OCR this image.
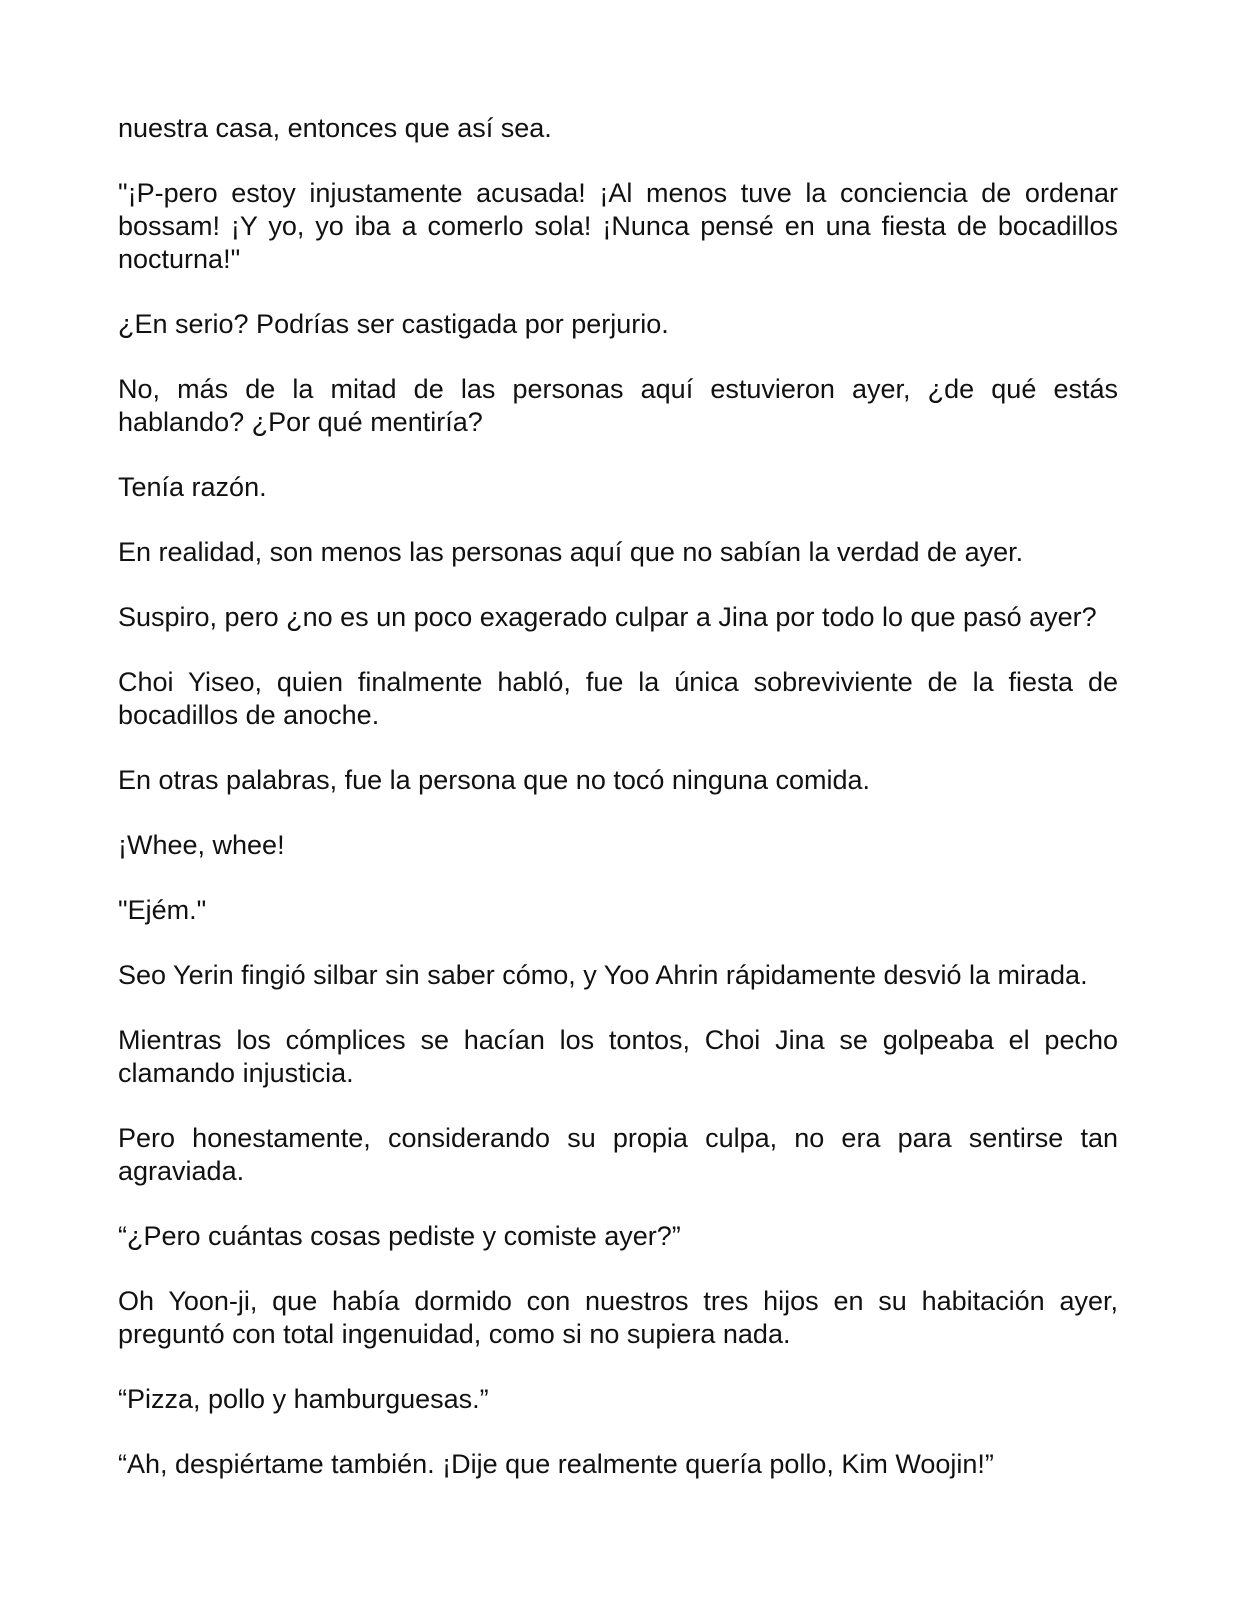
nuestra casa, entonces que así sea.

"¡P-pero estoy injustamente acusada! ¡Al menos tuve la conciencia de ordenar bossam! ¡Y yo, yo iba a comerlo sola! ¡Nunca pensé en una fiesta de bocadillos nocturna!"

¿En serio? Podrías ser castigada por perjurio.

No, más de la mitad de las personas aquí estuvieron ayer, ¿de qué estás hablando? ¿Por qué mentiría?

Tenía razón.

En realidad, son menos las personas aquí que no sabían la verdad de ayer.

Suspiro, pero ¿no es un poco exagerado culpar a Jina por todo lo que pasó ayer?

Choi Yiseo, quien finalmente habló, fue la única sobreviviente de la fiesta de bocadillos de anoche.

En otras palabras, fue la persona que no tocó ninguna comida.

¡Whee, whee!

"Ejém."

Seo Yerin fingió silbar sin saber cómo, y Yoo Ahrin rápidamente desvió la mirada.

Mientras los cómplices se hacían los tontos, Choi Jina se golpeaba el pecho clamando injusticia.

Pero honestamente, considerando su propia culpa, no era para sentirse tan agraviada.

“¿Pero cuántas cosas pediste y comiste ayer?”

Oh Yoon-ji, que había dormido con nuestros tres hijos en su habitación ayer, preguntó con total ingenuidad, como si no supiera nada.

“Pizza, pollo y hamburguesas.”

“Ah, despiértame también. ¡Dije que realmente quería pollo, Kim Woojin!”
